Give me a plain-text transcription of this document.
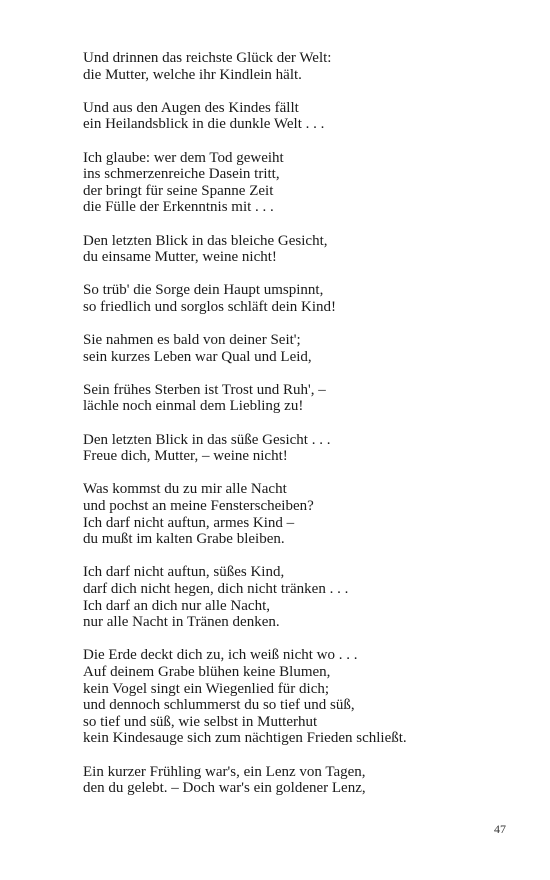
Und drinnen das reichste Glück der Welt:
die Mutter, welche ihr Kindlein hält.
Und aus den Augen des Kindes fällt
ein Heilandsblick in die dunkle Welt . . .
Ich glaube: wer dem Tod geweiht
ins schmerzenreiche Dasein tritt,
der bringt für seine Spanne Zeit
die Fülle der Erkenntnis mit . . .
Den letzten Blick in das bleiche Gesicht,
du einsame Mutter, weine nicht!
So trüb' die Sorge dein Haupt umspinnt,
so friedlich und sorglos schläft dein Kind!
Sie nahmen es bald von deiner Seit';
sein kurzes Leben war Qual und Leid,
Sein frühes Sterben ist Trost und Ruh', –
lächle noch einmal dem Liebling zu!
Den letzten Blick in das süße Gesicht . . .
Freue dich, Mutter, – weine nicht!
Was kommst du zu mir alle Nacht
und pochst an meine Fensterscheiben?
Ich darf nicht auftun, armes Kind –
du mußt im kalten Grabe bleiben.
Ich darf nicht auftun, süßes Kind,
darf dich nicht hegen, dich nicht tränken . . .
Ich darf an dich nur alle Nacht,
nur alle Nacht in Tränen denken.
Die Erde deckt dich zu, ich weiß nicht wo . . .
Auf deinem Grabe blühen keine Blumen,
kein Vogel singt ein Wiegenlied für dich;
und dennoch schlummerst du so tief und süß,
so tief und süß, wie selbst in Mutterhut
kein Kindesauge sich zum nächtigen Frieden schließt.
Ein kurzer Frühling war's, ein Lenz von Tagen,
den du gelebt. – Doch war's ein goldener Lenz,
47
